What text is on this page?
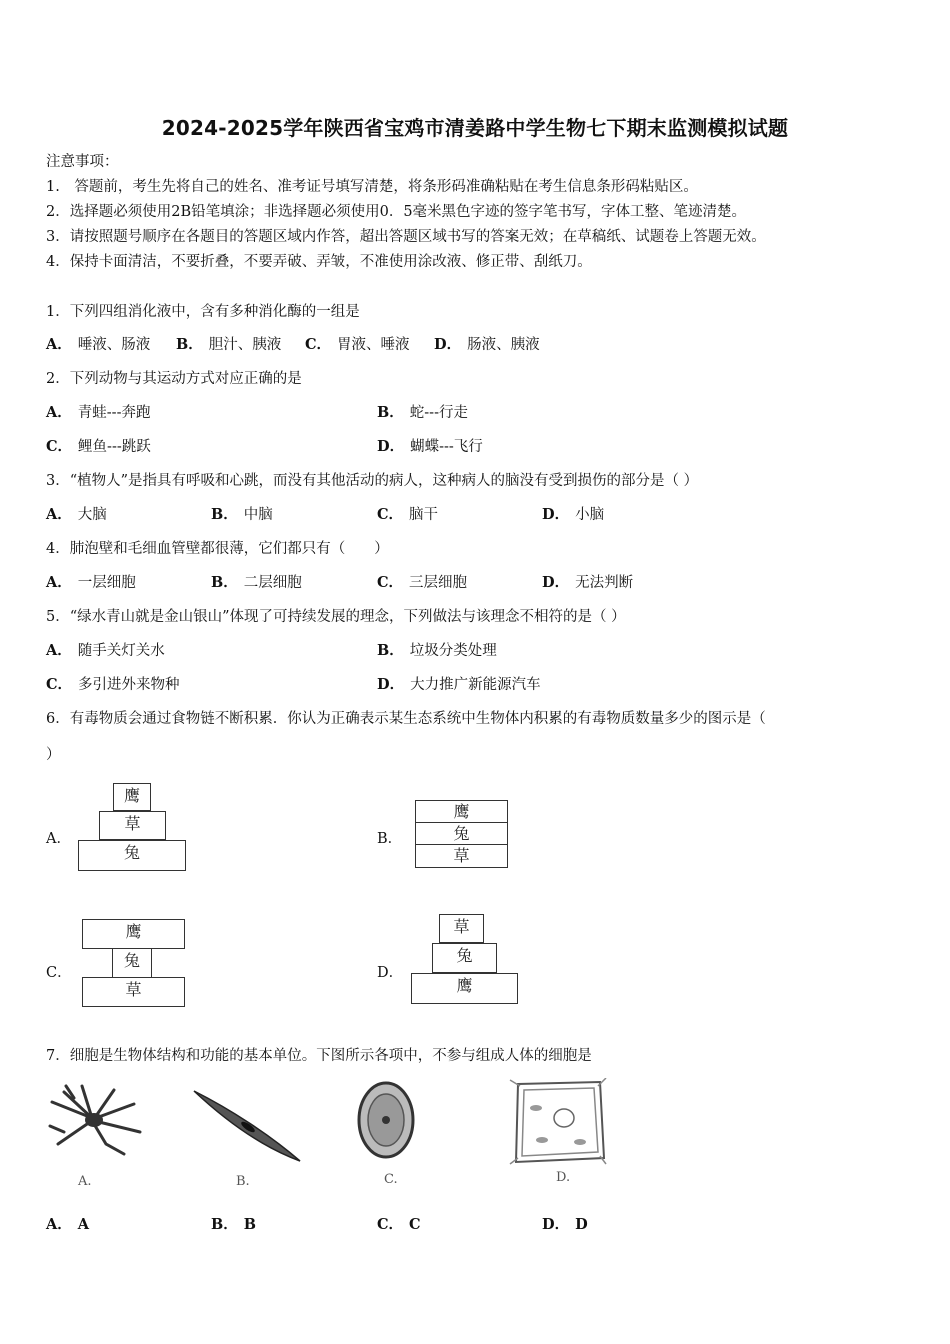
2024-2025学年陕西省宝鸡市清姜路中学生物七下期末监测模拟试题
注意事项：
1.　答题前，考生先将自己的姓名、准考证号填写清楚，将条形码准确粘贴在考生信息条形码粘贴区。
2．选择题必须使用2B铅笔填涂；非选择题必须使用0．5毫米黑色字迹的签字笔书写，字体工整、笔迹清楚。
3．请按照题号顺序在各题目的答题区域内作答，超出答题区域书写的答案无效；在草稿纸、试题卷上答题无效。
4．保持卡面清洁，不要折叠，不要弄破、弄皱，不准使用涂改液、修正带、刮纸刀。
1．下列四组消化液中，含有多种消化酶的一组是
A． 唾液、肠液 B． 胆汁、胰液 C． 胃液、唾液 D． 肠液、胰液
2．下列动物与其运动方式对应正确的是
A． 青蛙---奔跑	B． 蛇---行走
C． 鲤鱼---跳跃	D． 蝴蝶---飞行
3．“植物人”是指具有呼吸和心跳，而没有其他活动的病人，这种病人的脑没有受到损伤的部分是（ ）
A． 大脑	B． 中脑	C． 脑干	D． 小脑
4．肺泡壁和毛细血管壁都很薄，它们都只有（　　）
A． 一层细胞	B． 二层细胞	C． 三层细胞	D． 无法判断
5．“绿水青山就是金山银山”体现了可持续发展的理念，下列做法与该理念不相符的是（ ）
A． 随手关灯关水	B． 垃圾分类处理
C． 多引进外来物种	D． 大力推广新能源汽车
6．有毒物质会通过食物链不断积累．你认为正确表示某生态系统中生物体内积累的有毒物质数量多少的图示是（
）
A．
鹰
草
兔
B．
鹰
兔
草
C．
鹰
兔
草
D．
草
兔
鹰
7．细胞是生物体结构和功能的基本单位。下图所示各项中，不参与组成人体的细胞是
A.	B.	C.	D.
A． A	B． B	C． C	D． D
